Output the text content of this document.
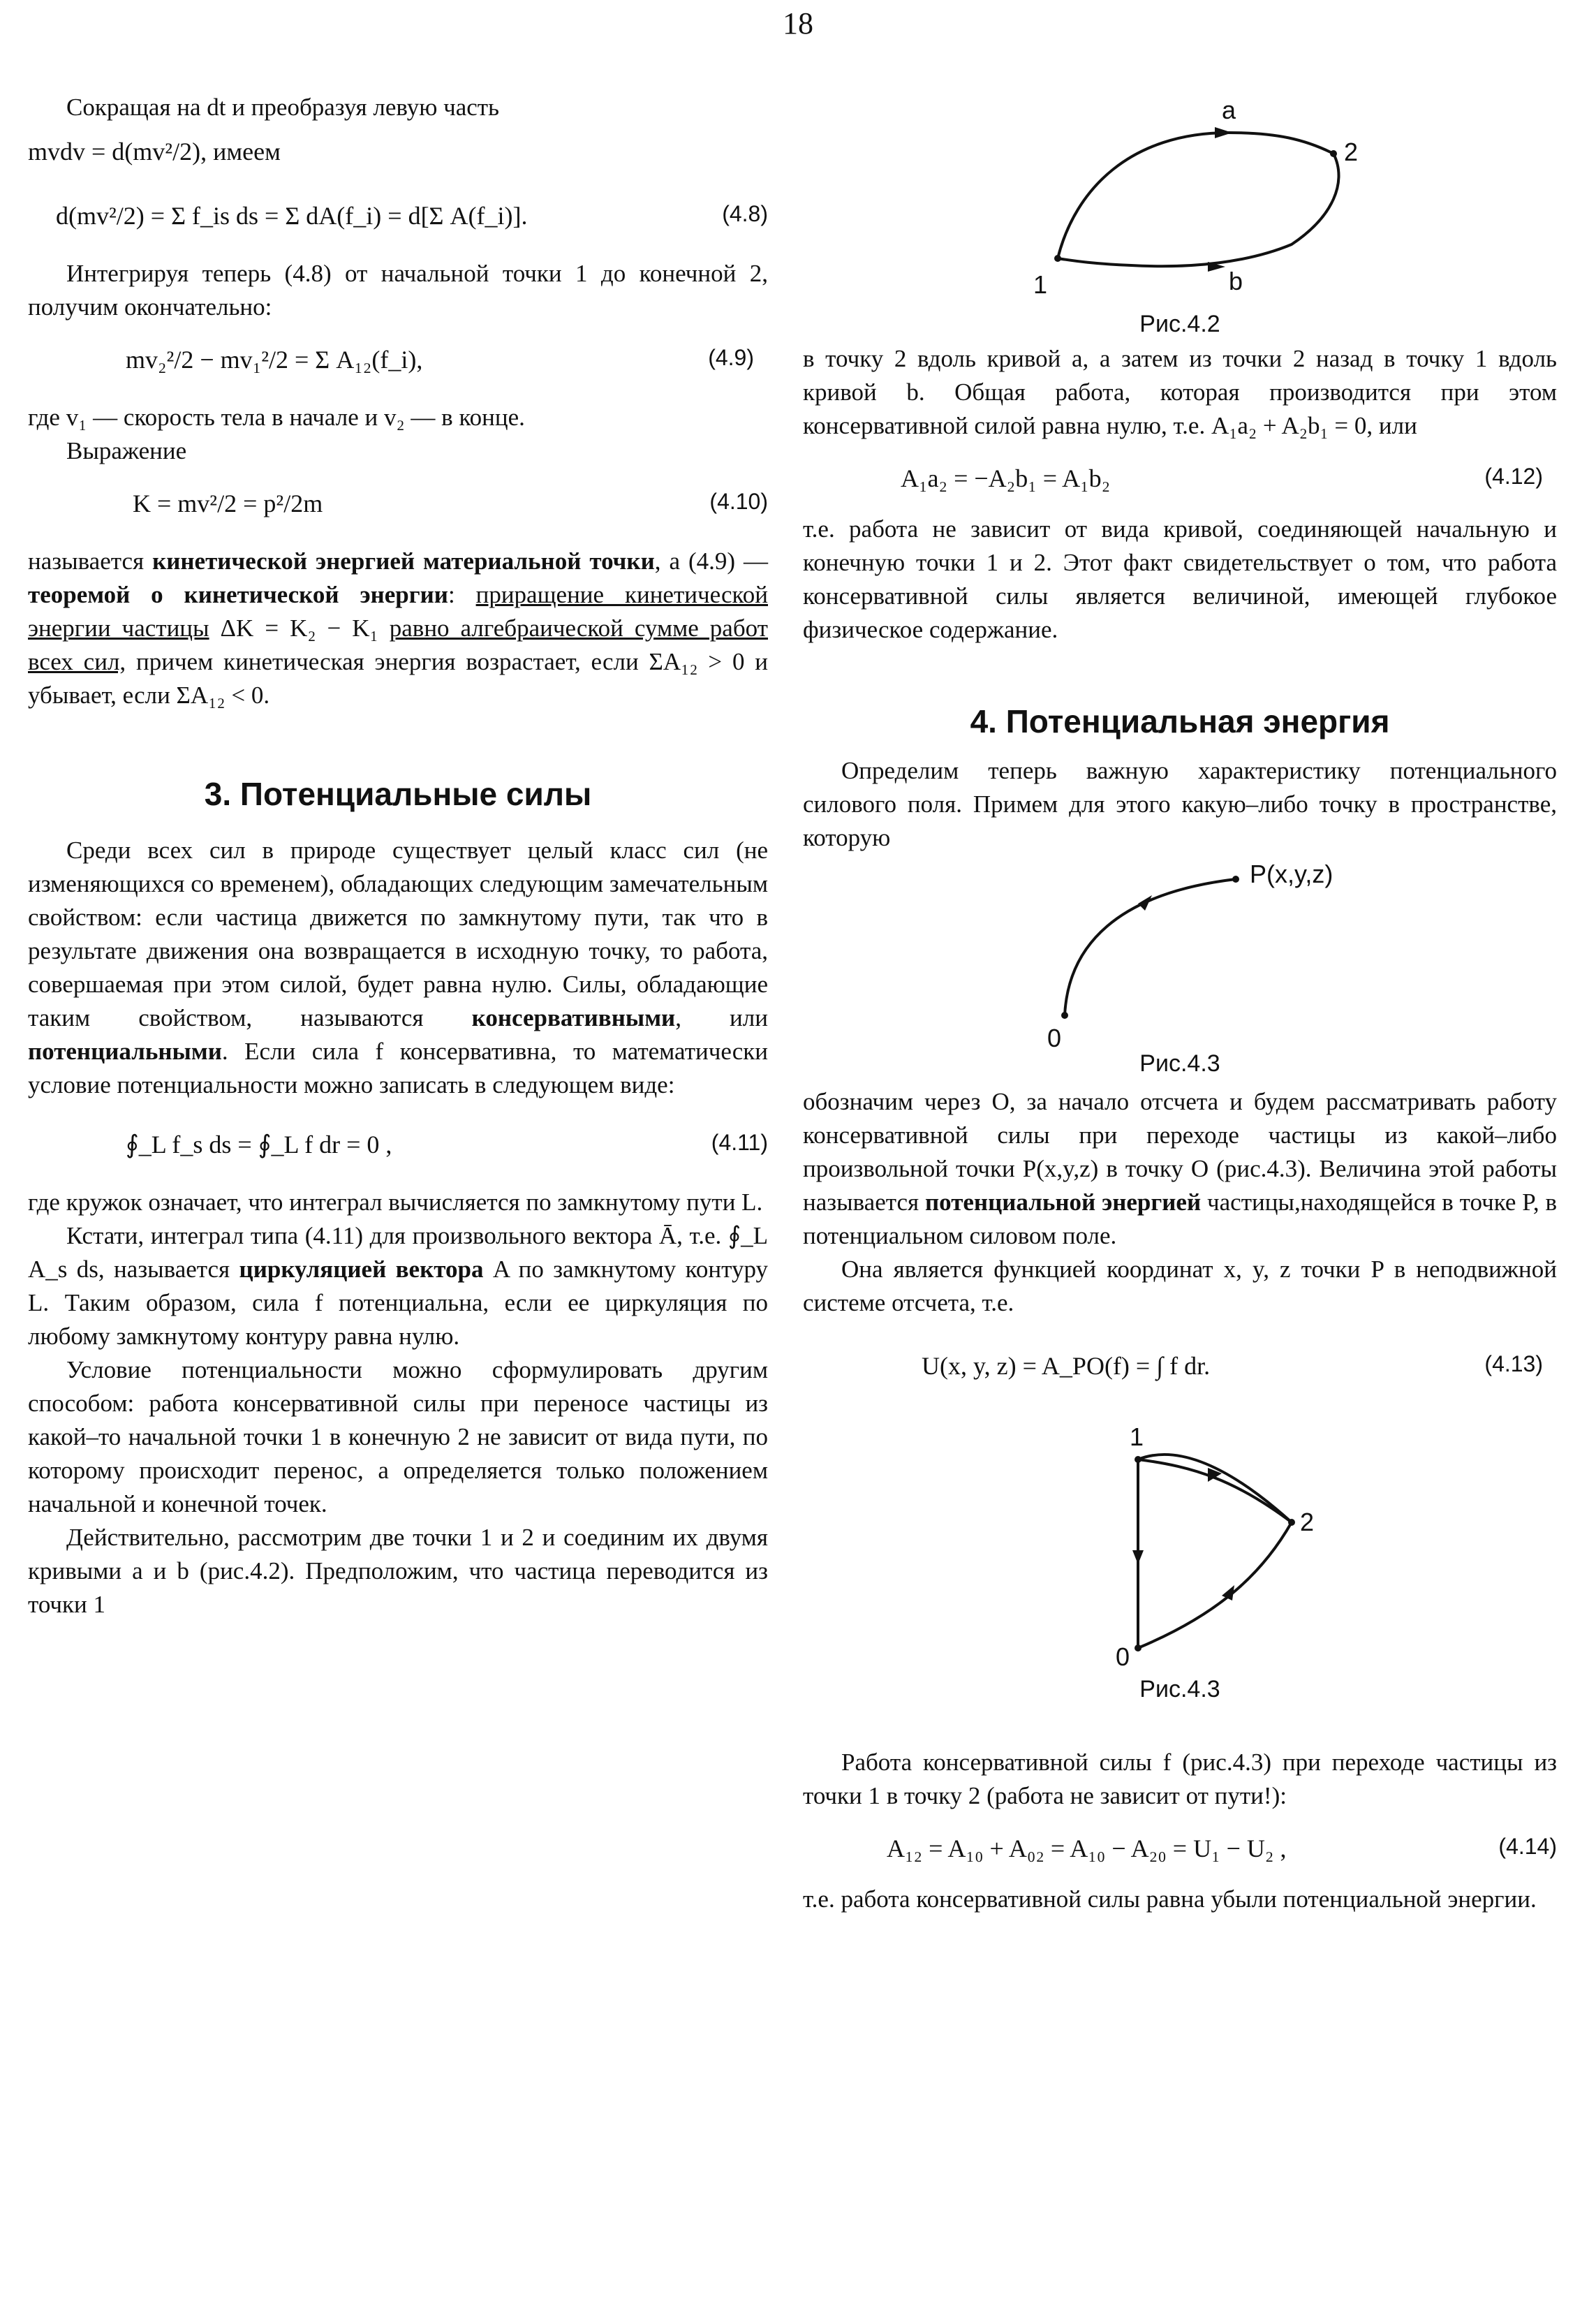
18

Сокращая на dt и преобразуя левую часть

mvdv = d(mv²/2), имеем
d(mv²/2) = Σ f_is ds = Σ dA(f_i) = d[Σ A(f_i)].	(4.8)

Интегрируя теперь (4.8) от начальной точки 1 до конечной 2, получим окончательно:

mv₂²/2 − mv₁²/2 = Σ A₁₂(f_i),	(4.9)

где v₁ — скорость тела в начале и v₂ — в конце.

Выражение

K = mv²/2 = p²/2m	(4.10)

называется кинетической энергией материальной точки, а (4.9) — теоремой о кинетической энергии: приращение кинетической энергии частицы ΔK = K₂ − K₁ равно алгебраической сумме работ всех сил, причем кинетическая энергия возрастает, если ΣA₁₂ > 0 и убывает, если ΣA₁₂ < 0.

3. Потенциальные силы

Среди всех сил в природе существует целый класс сил (не изменяющихся со временем), обладающих следующим замечательным свойством: если частица движется по замкнутому пути, так что в результате движения она возвращается в исходную точку, то работа, совершаемая при этом силой, будет равна нулю. Силы, обладающие таким свойством, называются консервативными, или потенциальными. Если сила f консервативна, то математически условие потенциальности можно записать в следующем виде:

∮_L f_s ds = ∮_L f dr = 0 ,	(4.11)

где кружок означает, что интеграл вычисляется по замкнутому пути L.

Кстати, интеграл типа (4.11) для произвольного вектора Ā, т.е. ∮_L A_s ds, называется циркуляцией вектора A по замкнутому контуру L. Таким образом, сила f потенциальна, если ее циркуляция по любому замкнутому контуру равна нулю.

Условие потенциальности можно сформулировать другим способом: работа консервативной силы при переносе частицы из какой–то начальной точки 1 в конечную 2 не зависит от вида пути, по которому происходит перенос, а определяется только положением начальной и конечной точек.

Действительно, рассмотрим две точки 1 и 2 и соединим их двумя кривыми a и b (рис.4.2). Предположим, что частица переводится из точки 1

a
b
1
2
Рис.4.2

в точку 2 вдоль кривой a, а затем из точки 2 назад в точку 1 вдоль кривой b. Общая работа, которая производится при этом консервативной силой равна нулю, т.е. A₁a₂ + A₂b₁ = 0, или

A₁a₂ = −A₂b₁ = A₁b₂	(4.12)

т.е. работа не зависит от вида кривой, соединяющей начальную и конечную точки 1 и 2. Этот факт свидетельствует о том, что работа консервативной силы является величиной, имеющей глубокое физическое содержание.

4. Потенциальная энергия

Определим теперь важную характеристику потенциального силового поля. Примем для этого какую–либо точку в пространстве, которую

P(x,y,z)
0
Рис.4.3

обозначим через O, за начало отсчета и будем рассматривать работу консервативной силы при переходе частицы из какой–либо произвольной точки P(x,y,z) в точку O (рис.4.3). Величина этой работы называется потенциальной энергией частицы,находящейся в точке P, в потенциальном силовом поле.

Она является функцией координат x, y, z точки P в неподвижной системе отсчета, т.е.

U(x, y, z) = A_PO(f) = ∫ f dr.	(4.13)
1
2
0
Рис.4.3

Работа консервативной силы f (рис.4.3) при переходе частицы из точки 1 в точку 2 (работа не зависит от пути!):

A₁₂ = A₁₀ + A₀₂ = A₁₀ − A₂₀ = U₁ − U₂ ,	(4.14)

т.е. работа консервативной силы равна убыли потенциальной энергии.
